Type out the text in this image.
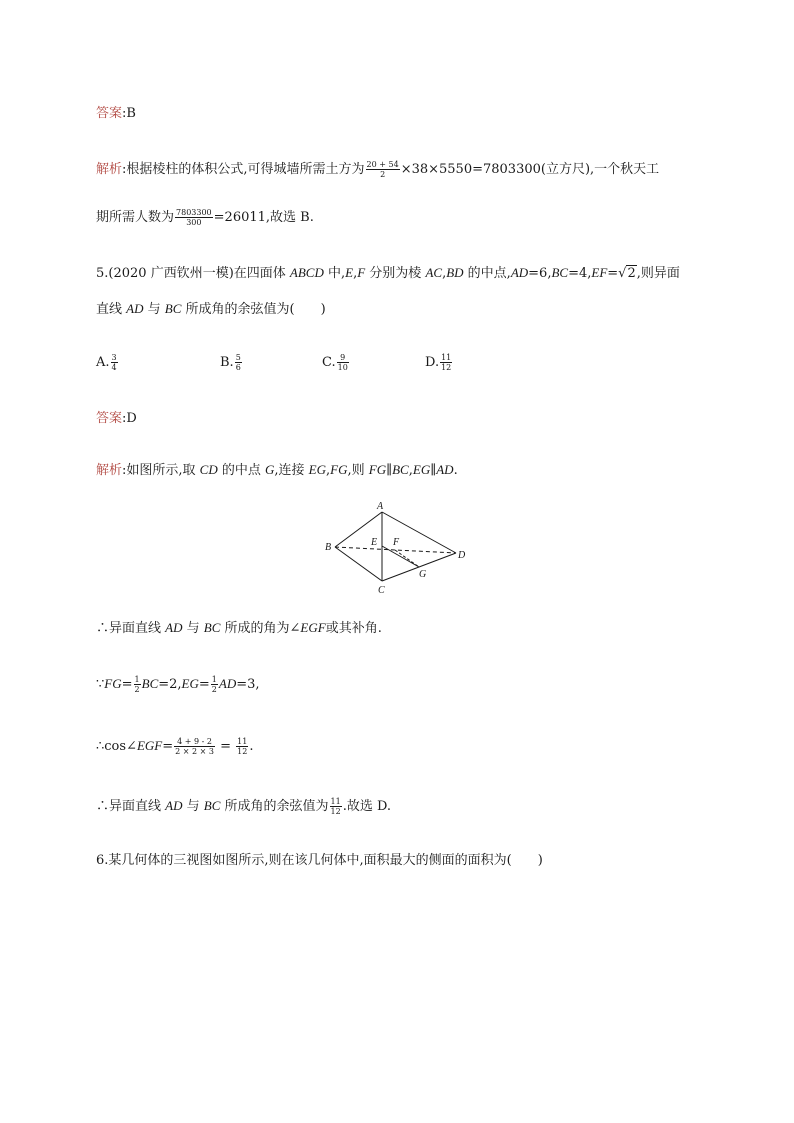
答案:B
解析:根据棱柱的体积公式,可得城墙所需土方为 $\frac{20 + 54}{2} \times 38\times 5550=7803300$(立方尺),一个秋天工
期所需人数为 $\frac{7803300}{300} =26011$,故选 B.
5.(2020 广西钦州一模)在四面体 ABCD 中,E,F 分别为棱 AC,BD 的中点,AD=6,BC=4,EF=√2,则异面
直线 AD 与 BC 所成角的余弦值为(　　)
A. $\frac{3}{4}$	B. $\frac{5}{6}$	C. $\frac{9}{10}$	D. $\frac{11}{12}$
答案:D
解析:如图所示,取 CD 的中点 G,连接 EG,FG,则 FG∥BC,EG∥AD.
A
B
C
D
E F
G
∴异面直线 AD 与 BC 所成的角为∠EGF或其补角.
∵FG= $\frac{1}{2} BC=2,EG= \frac{1}{2} AD=3$,
∴cos∠EGF= $\frac{4 + 9 - 2}{2 \times 2 \times 3} = \frac{11}{12}$ .
∴异面直线 AD 与 BC 所成角的余弦值为 $\frac{11}{12}$ .故选 D.
6.某几何体的三视图如图所示,则在该几何体中,面积最大的侧面的面积为(　　)
